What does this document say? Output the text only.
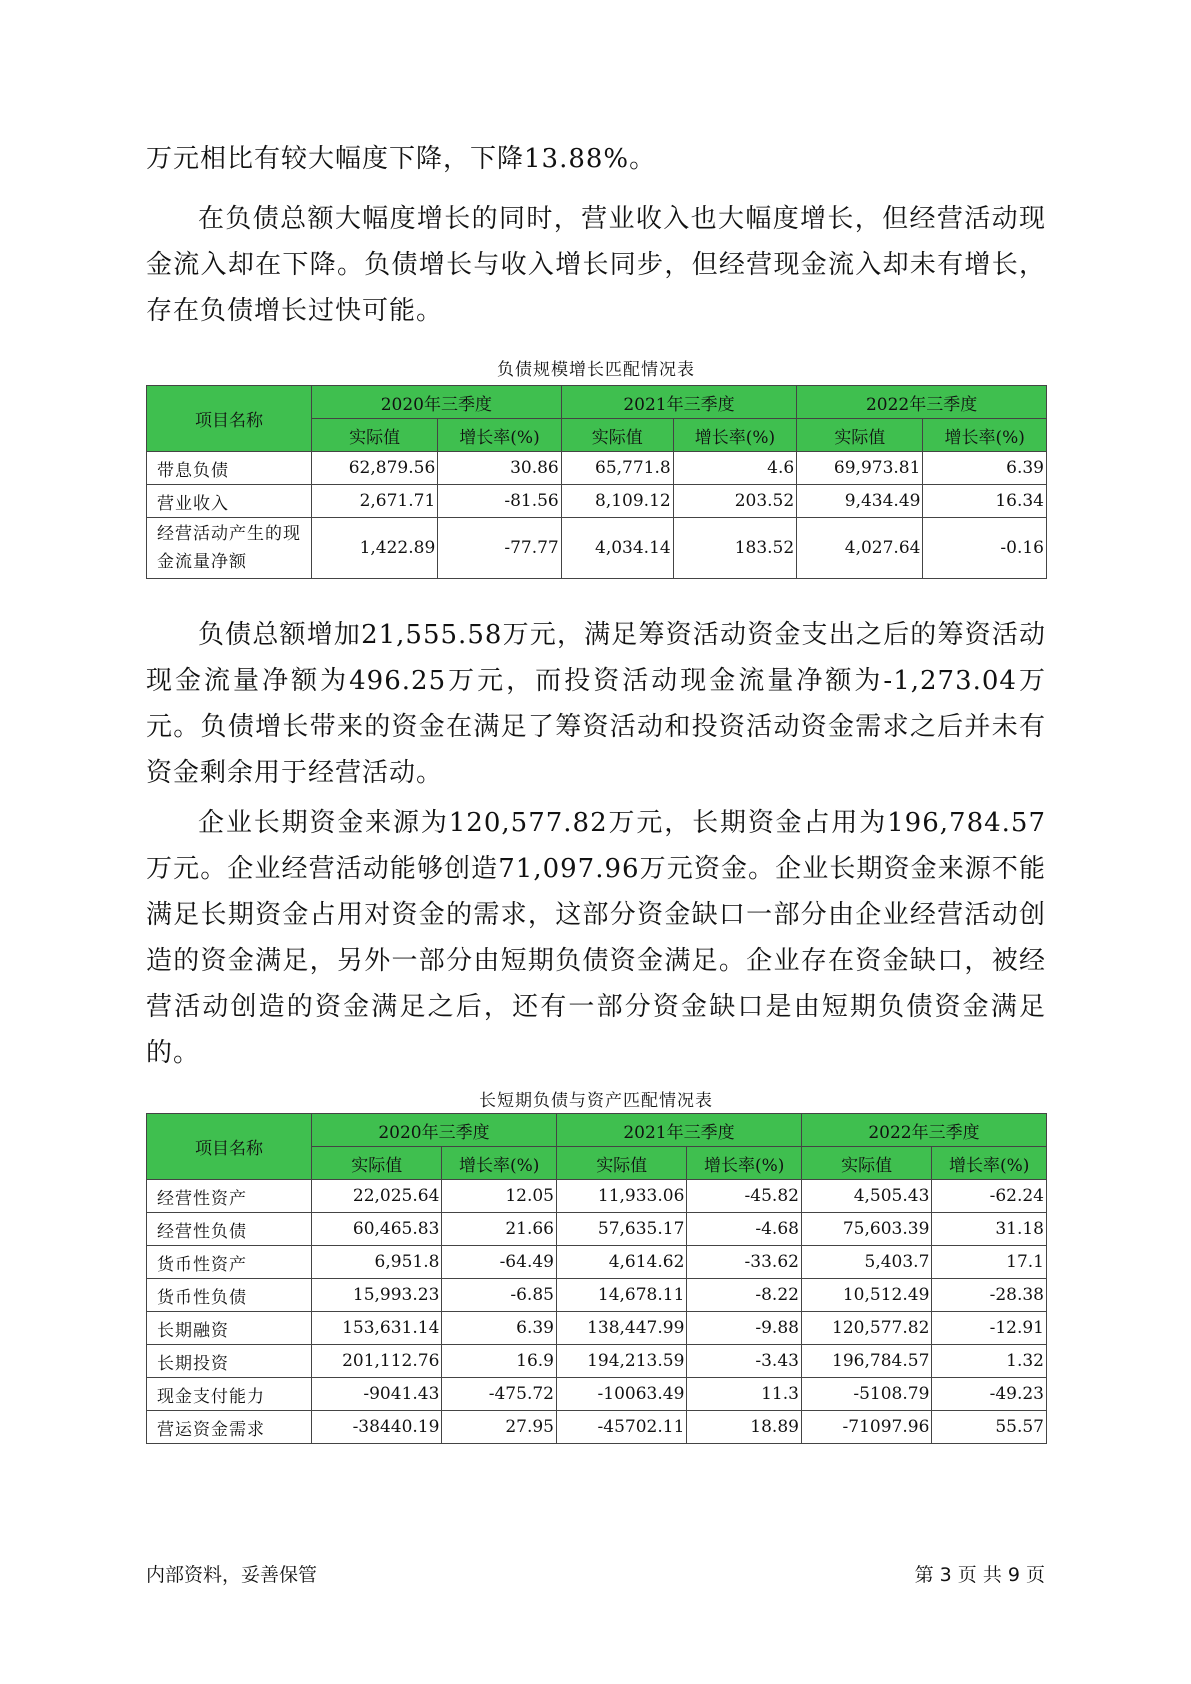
万元相比有较大幅度下降，下降13.88%。

在负债总额大幅度增长的同时，营业收入也大幅度增长，但经营活动现金流入却在下降。负债增长与收入增长同步，但经营现金流入却未有增长，存在负债增长过快可能。

负债规模增长匹配情况表
项目名称	2020年三季度		2021年三季度		2022年三季度	
	实际值	增长率(%)	实际值	增长率(%)	实际值	增长率(%)
带息负债	62,879.56	30.86	65,771.8	4.6	69,973.81	6.39
营业收入	2,671.71	-81.56	8,109.12	203.52	9,434.49	16.34
经营活动产生的现金流量净额	1,422.89	-77.77	4,034.14	183.52	4,027.64	-0.16

负债总额增加21,555.58万元，满足筹资活动资金支出之后的筹资活动现金流量净额为496.25万元，而投资活动现金流量净额为-1,273.04万元。负债增长带来的资金在满足了筹资活动和投资活动资金需求之后并未有资金剩余用于经营活动。

企业长期资金来源为120,577.82万元，长期资金占用为196,784.57万元。企业经营活动能够创造71,097.96万元资金。企业长期资金来源不能满足长期资金占用对资金的需求，这部分资金缺口一部分由企业经营活动创造的资金满足，另外一部分由短期负债资金满足。企业存在资金缺口，被经营活动创造的资金满足之后，还有一部分资金缺口是由短期负债资金满足的。

长短期负债与资产匹配情况表
项目名称	2020年三季度		2021年三季度		2022年三季度	
	实际值	增长率(%)	实际值	增长率(%)	实际值	增长率(%)
经营性资产	22,025.64	12.05	11,933.06	-45.82	4,505.43	-62.24
经营性负债	60,465.83	21.66	57,635.17	-4.68	75,603.39	31.18
货币性资产	6,951.8	-64.49	4,614.62	-33.62	5,403.7	17.1
货币性负债	15,993.23	-6.85	14,678.11	-8.22	10,512.49	-28.38
长期融资	153,631.14	6.39	138,447.99	-9.88	120,577.82	-12.91
长期投资	201,112.76	16.9	194,213.59	-3.43	196,784.57	1.32
现金支付能力	-9041.43	-475.72	-10063.49	11.3	-5108.79	-49.23
营运资金需求	-38440.19	27.95	-45702.11	18.89	-71097.96	55.57
内部资料，妥善保管	第 3 页 共 9 页
